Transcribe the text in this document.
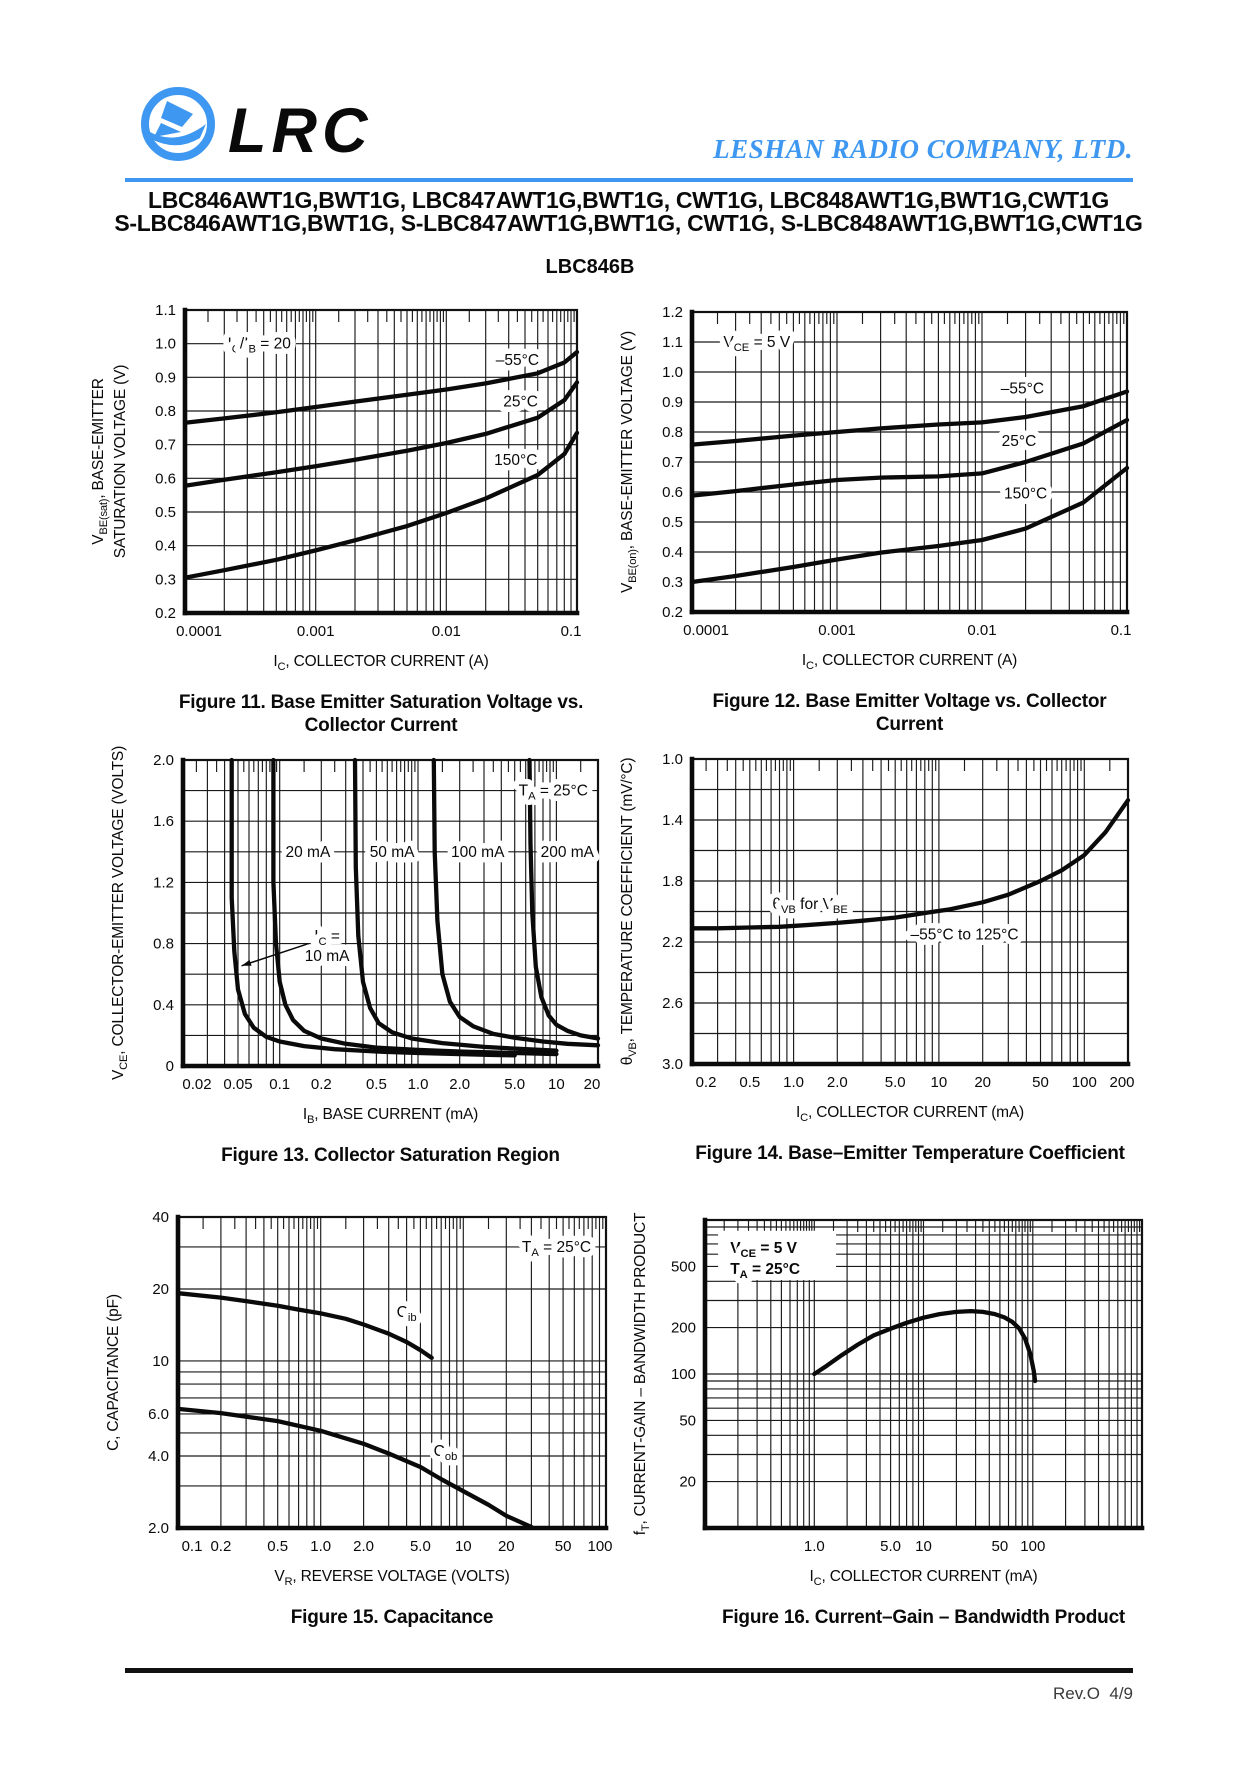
LRC	LESHAN RADIO COMPANY, LTD.
LBC846AWT1G,BWT1G, LBC847AWT1G,BWT1G, CWT1G, LBC848AWT1G,BWT1G,CWT1G
S-LBC846AWT1G,BWT1G, S-LBC847AWT1G,BWT1G, CWT1G, S-LBC848AWT1G,BWT1G,CWT1G
LBC846B
$I_C/I_B = 20$
–55°C
25°C
150°C
0.0001	0.001	0.01	0.1
1.1
1.0
0.9
0.8
0.7
0.6
0.5
0.4
0.3
0.2
$I_C$, COLLECTOR CURRENT (A)
$V_{BE(sat)}$, BASE-EMITTER SATURATION VOLTAGE (V)
Figure 11. Base Emitter Saturation Voltage vs.
Collector Current
$V_{CE} = 5$ V
–55°C
25°C
150°C
0.0001	0.001	0.01	0.1
1.2
1.1
1.0
0.9
0.8
0.7
0.6
0.5
0.4
0.3
0.2
$I_C$, COLLECTOR CURRENT (A)
$V_{BE(on)}$, BASE-EMITTER VOLTAGE (V)
Figure 12. Base Emitter Voltage vs. Collector
Current
$T_A = 25^\circ C$
20 mA	50 mA 100 mA 200 mA
$I_C$ =
10 mA
0.02 0.05 0.1 0.2 0.5 1.0 2.0 5.0 10 20
2.0
1.6
1.2
0.8
0.4
0
$I_B$, BASE CURRENT (mA)
$V_{CE}$, COLLECTOR-EMITTER VOLTAGE (VOLTS)
Figure 13. Collector Saturation Region
$\theta_{VB}$ for $V_{BE}$
–55°C to 125°C
0.2 0.5 1.0 2.0 5.0 10 20	50 100 200
1.0
1.4
1.8
2.2
2.6
3.0
$I_C$, COLLECTOR CURRENT (mA)
$\theta_{VB}$, TEMPERATURE COEFFICIENT (mV/°C)
Figure 14. Base–Emitter Temperature Coefficient
$T_A = 25^\circ C$
$C_{ib}$
$C_{ob}$
0.1 0.2 0.5 1.0 2.0 5.0 10 20	50 100
40
20
10
6.0
4.0
2.0
$V_R$, REVERSE VOLTAGE (VOLTS)
C, CAPACITANCE (pF)
Figure 15. Capacitance
$V_{CE} = 5$ V
$T_A = 25^\circ C$
1.0	5.0 10	50 100
500
200
100
50
20
$I_C$, COLLECTOR CURRENT (mA)
$f_T$, CURRENT-GAIN – BANDWIDTH PRODUCT
Figure 16. Current–Gain – Bandwidth Product
Rev.O  4/9
